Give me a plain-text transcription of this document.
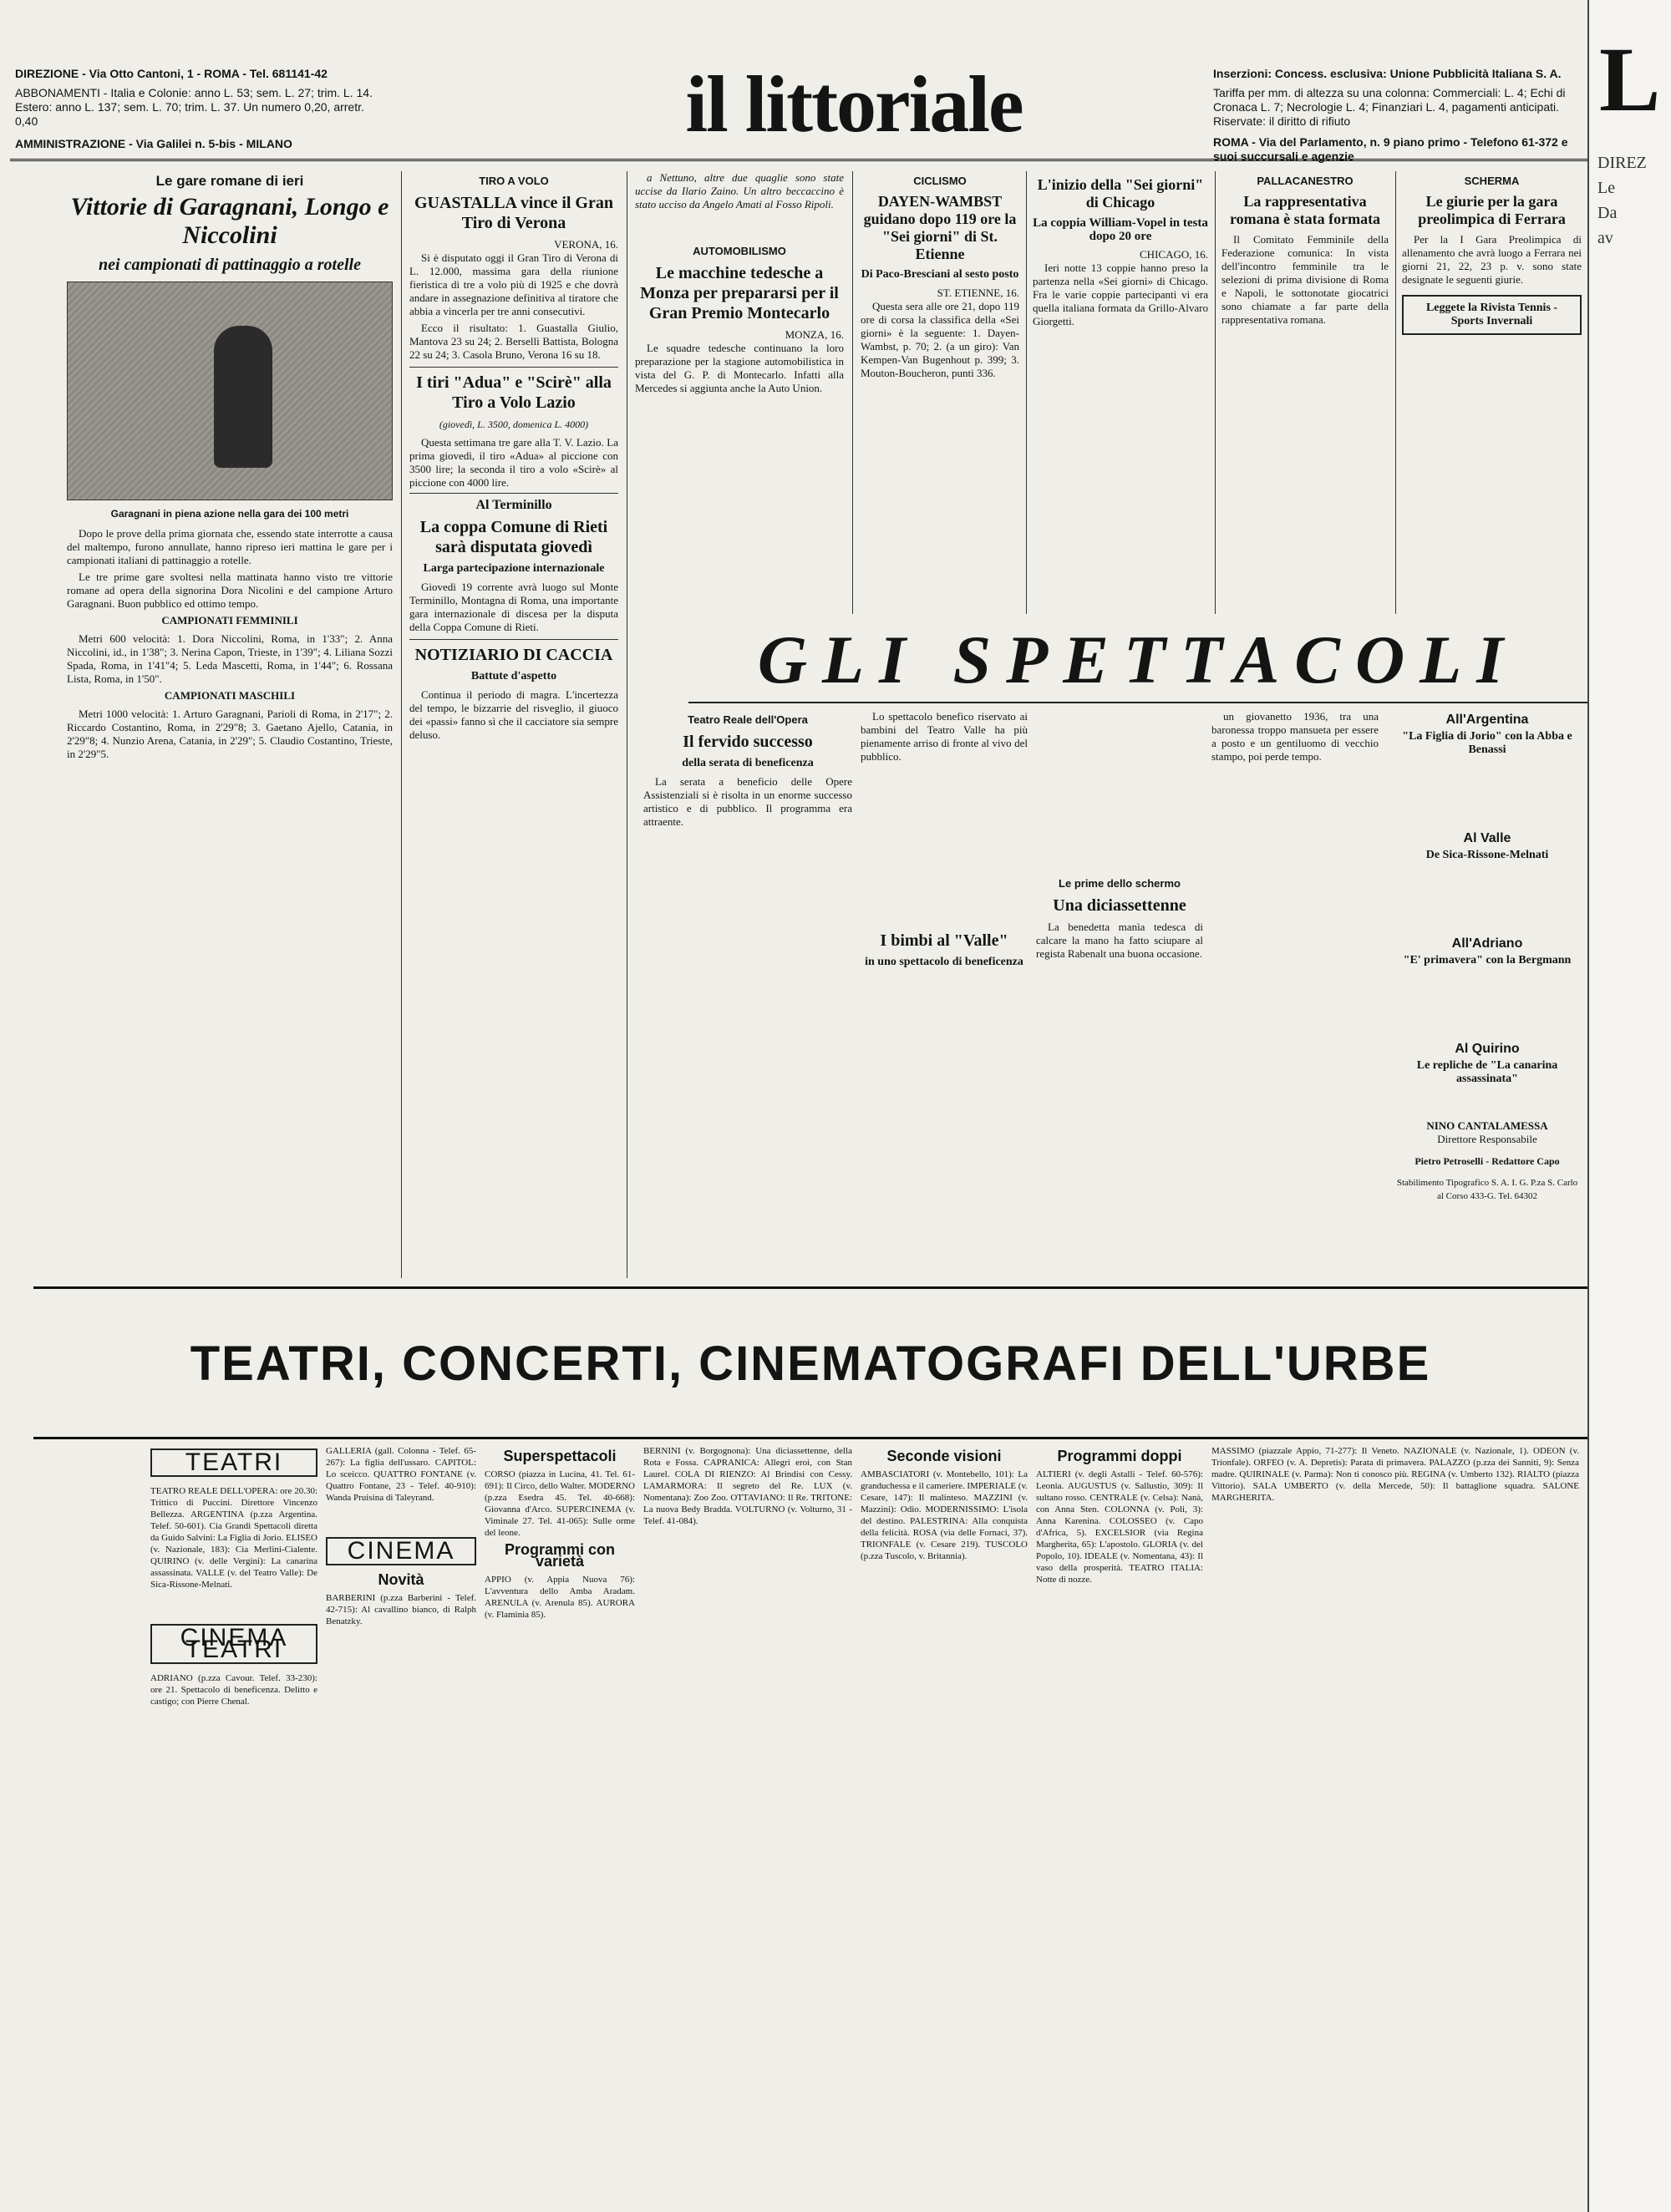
DIREZIONE - Via Otto Cantoni, 1 - ROMA - Tel. 681141-42
ABBONAMENTI - Italia e Colonie: anno L. 53; sem. L. 27; trim. L. 14. Estero: anno L. 137; sem. L. 70; trim. L. 37. Un numero 0,20, arretr. 0,40
AMMINISTRAZIONE - Via Galilei n. 5-bis - MILANO	il littoriale	Inserzioni: Concess. esclusiva: Unione Pubblicità Italiana S. A.
Tariffa per mm. di altezza su una colonna: Commerciali: L. 4; Echi di Cronaca L. 7; Necrologie L. 4; Finanziari L. 4, pagamenti anticipati. Riservate: il diritto di rifiuto
ROMA - Via del Parlamento, n. 9 piano primo - Telefono 61-372 e suoi succursali e agenzie
Le gare romane di ieri
Vittorie di Garagnani, Longo e Niccolini
nei campionati di pattinaggio a rotelle
Garagnani in piena azione nella gara dei 100 metri

Dopo le prove della prima giornata che, essendo state interrotte a causa del maltempo, furono annullate, hanno ripreso ieri mattina le gare per i campionati italiani di pattinaggio a rotelle.

Le tre prime gare svoltesi nella mattinata hanno visto tre vittorie romane ad opera della signorina Dora Nicolini e del campione Arturo Garagnani. Buon pubblico ed ottimo tempo.

CAMPIONATI FEMMINILI

Metri 600 velocità: 1. Dora Niccolini, Roma, in 1'33"; 2. Anna Niccolini, id., in 1'38"; 3. Nerina Capon, Trieste, in 1'39"; 4. Liliana Sozzi Spada, Roma, in 1'41"4; 5. Leda Mascetti, Roma, in 1'44"; 6. Rossana Lista, Roma, in 1'50".

CAMPIONATI MASCHILI

Metri 1000 velocità: 1. Arturo Garagnani, Parioli di Roma, in 2'17"; 2. Riccardo Costantino, Roma, in 2'29"8; 3. Gaetano Ajello, Catania, in 2'29"8; 4. Nunzio Arena, Catania, in 2'29"; 5. Claudio Costantino, Trieste, in 2'29"5.

TIRO A VOLO
GUASTALLA vince il Gran Tiro di Verona
VERONA, 16.

Si è disputato oggi il Gran Tiro di Verona di L. 12.000, massima gara della riunione fieristica di tre a volo più di 1925 e che dovrà andare in assegnazione definitiva al tiratore che abbia a vincerla per tre anni consecutivi.

Ecco il risultato: 1. Guastalla Giulio, Mantova 23 su 24; 2. Bersellì Battista, Bologna 22 su 24; 3. Casola Bruno, Verona 16 su 18.

I tiri "Adua" e "Scirè" alla Tiro a Volo Lazio
(giovedì, L. 3500, domenica L. 4000)

Questa settimana tre gare alla T. V. Lazio. La prima giovedì, il tiro «Adua» al piccione con 3500 lire; la seconda il tiro a volo «Scirè» al piccione con 4000 lire.

Al Terminillo
La coppa Comune di Rieti sarà disputata giovedì
Larga partecipazione internazionale

Giovedì 19 corrente avrà luogo sul Monte Terminillo, Montagna di Roma, una importante gara internazionale di discesa per la disputa della Coppa Comune di Rieti.

NOTIZIARIO DI CACCIA
Battute d'aspetto

Continua il periodo di magra. L'incertezza del tempo, le bizzarrie del risveglio, il giuoco dei «passi» fanno sì che il cacciatore sia sempre deluso.

a Nettuno, altre due quaglie sono state uccise da Ilario Zaino. Un altro beccaccino è stato ucciso da Angelo Amati al Fosso Ripoli.

AUTOMOBILISMO
Le macchine tedesche a Monza per prepararsi per il Gran Premio Montecarlo
MONZA, 16.

Le squadre tedesche continuano la loro preparazione per la stagione automobilistica in vista del G. P. di Montecarlo. Infatti alla Mercedes si aggiunta anche la Auto Union.

CICLISMO
DAYEN-WAMBST guidano dopo 119 ore la "Sei giorni" di St. Etienne
Di Paco-Bresciani al sesto posto
ST. ETIENNE, 16.

Questa sera alle ore 21, dopo 119 ore di corsa la classifica della «Sei giorni» è la seguente: 1. Dayen-Wambst, p. 70; 2. (a un giro): Van Kempen-Van Bugenhout p. 399; 3. Mouton-Boucheron, punti 336.

L'inizio della "Sei giorni" di Chicago
La coppia William-Vopel in testa dopo 20 ore
CHICAGO, 16.

Ieri notte 13 coppie hanno preso la partenza nella «Sei giorni» di Chicago. Fra le varie coppie partecipanti vi era quella italiana formata da Grillo-Alvaro Giorgetti.

PALLACANESTRO
La rappresentativa romana è stata formata

Il Comitato Femminile della Federazione comunica: In vista dell'incontro femminile tra le selezioni di prima divisione di Roma e Napoli, le sottonotate giocatrici sono chiamate a far parte della rappresentativa romana.

SCHERMA
Le giurie per la gara preolimpica di Ferrara

Per la I Gara Preolimpica di allenamento che avrà luogo a Ferrara nei giorni 21, 22, 23 p. v. sono state designate le seguenti giurie.

Leggete la Rivista Tennis - Sports Invernali
GLI SPETTACOLI
Teatro Reale dell'Opera
Il fervido successo
della serata di beneficenza

La serata a beneficio delle Opere Assistenziali si è risolta in un enorme successo artistico e di pubblico. Il programma era attraente.

Lo spettacolo benefico riservato ai bambini del Teatro Valle ha più pienamente arriso di fronte al vivo del pubblico.

I bimbi al "Valle"
in uno spettacolo di beneficenza
Le prime dello schermo
Una diciassettenne

La benedetta manìa tedesca di calcare la mano ha fatto sciupare al regista Rabenalt una buona occasione.

un giovanetto 1936, tra una baronessa troppo mansueta per essere a posto e un gentiluomo di vecchio stampo, poi perde tempo.

All'Argentina
"La Figlia di Jorio" con la Abba e Benassi
Al Valle
De Sica-Rissone-Melnati
All'Adriano
"E' primavera" con la Bergmann
Al Quirino
Le repliche de "La canarina assassinata"
NINO CANTALAMESSA
Direttore Responsabile
Pietro Petroselli - Redattore Capo
Stabilimento Tipografico S. A. I. G. P.za S. Carlo al Corso 433-G. Tel. 64302
TEATRI, CONCERTI, CINEMATOGRAFI DELL'URBE
TEATRI

TEATRO REALE DELL'OPERA: ore 20.30: Trittico di Puccini. Direttore Vincenzo Bellezza. ARGENTINA (p.zza Argentina. Telef. 50-601). Cia Grandi Spettacoli diretta da Guido Salvini: La Figlia di Jorio. ELISEO (v. Nazionale, 183): Cia Merlini-Cialente. QUIRINO (v. delle Vergini): La canarina assassinata. VALLE (v. del Teatro Valle): De Sica-Rissone-Melnati.

CINEMA TEATRI

ADRIANO (p.zza Cavour. Telef. 33-230): ore 21. Spettacolo di beneficenza. Delitto e castigo; con Pierre Chenal.

GALLERIA (gall. Colonna - Telef. 65-267): La figlia dell'ussaro. CAPITOL: Lo sceicco. QUATTRO FONTANE (v. Quattro Fontane, 23 - Telef. 40-910): Wanda Pruisina di Taleyrand.

CINEMA
Novità

BARBERINI (p.zza Barberini - Telef. 42-715): Al cavallino bianco, di Ralph Benatzky.

Superspettacoli

CORSO (piazza in Lucina, 41. Tel. 61-691): Il Circo, dello Walter. MODERNO (p.zza Esedra 45. Tel. 40-668): Giovanna d'Arco. SUPERCINEMA (v. Viminale 27. Tel. 41-065): Sulle orme del leone.

Programmi con varietà

APPIO (v. Appia Nuova 76): L'avventura dello Amba Aradam. ARENULA (v. Arenula 85). AURORA (v. Flaminia 85).

BERNINI (v. Borgognona): Una diciassettenne, della Rota e Fossa. CAPRANICA: Allegri eroi, con Stan Laurel. COLA DI RIENZO: Al Brindisi con Cessy. LAMARMORA: Il segreto del Re. LUX (v. Nomentana): Zoo Zoo. OTTAVIANO: Il Re. TRITONE: La nuova Bedy Bradda. VOLTURNO (v. Volturno, 31 - Telef. 41-084).

Seconde visioni

AMBASCIATORI (v. Montebello, 101): La granduchessa e il cameriere. IMPERIALE (v. Cesare, 147): Il malinteso. MAZZINI (v. Mazzini): Odio. MODERNISSIMO: L'isola del destino. PALESTRINA: Alla conquista della felicità. ROSA (via delle Fornaci, 37). TRIONFALE (v. Cesare 219). TUSCOLO (p.zza Tuscolo, v. Britannia).

Programmi doppi

ALTIERI (v. degli Astalli - Telef. 60-576): Leonia. AUGUSTUS (v. Sallustio, 309): Il sultano rosso. CENTRALE (v. Celsa): Nanà, con Anna Sten. COLONNA (v. Poli, 3): Anna Karenina. COLOSSEO (v. Capo d'Africa, 5). EXCELSIOR (via Regina Margherita, 65): L'apostolo. GLORIA (v. del Popolo, 10). IDEALE (v. Nomentana, 43): Il vaso della prosperità. TEATRO ITALIA: Notte di nozze.

MASSIMO (piazzale Appio, 71-277): Il Veneto. NAZIONALE (v. Nazionale, 1). ODEON (v. Trionfale). ORFEO (v. A. Depretis): Parata di primavera. PALAZZO (p.zza dei Sanniti, 9): Senza madre. QUIRINALE (v. Parma): Non ti conosco più. REGINA (v. Umberto 132). RIALTO (piazza Vittorio). SALA UMBERTO (v. della Mercede, 50): Il battaglione squadra. SALONE MARGHERITA.

L
DIREZ
Le
Da
av
